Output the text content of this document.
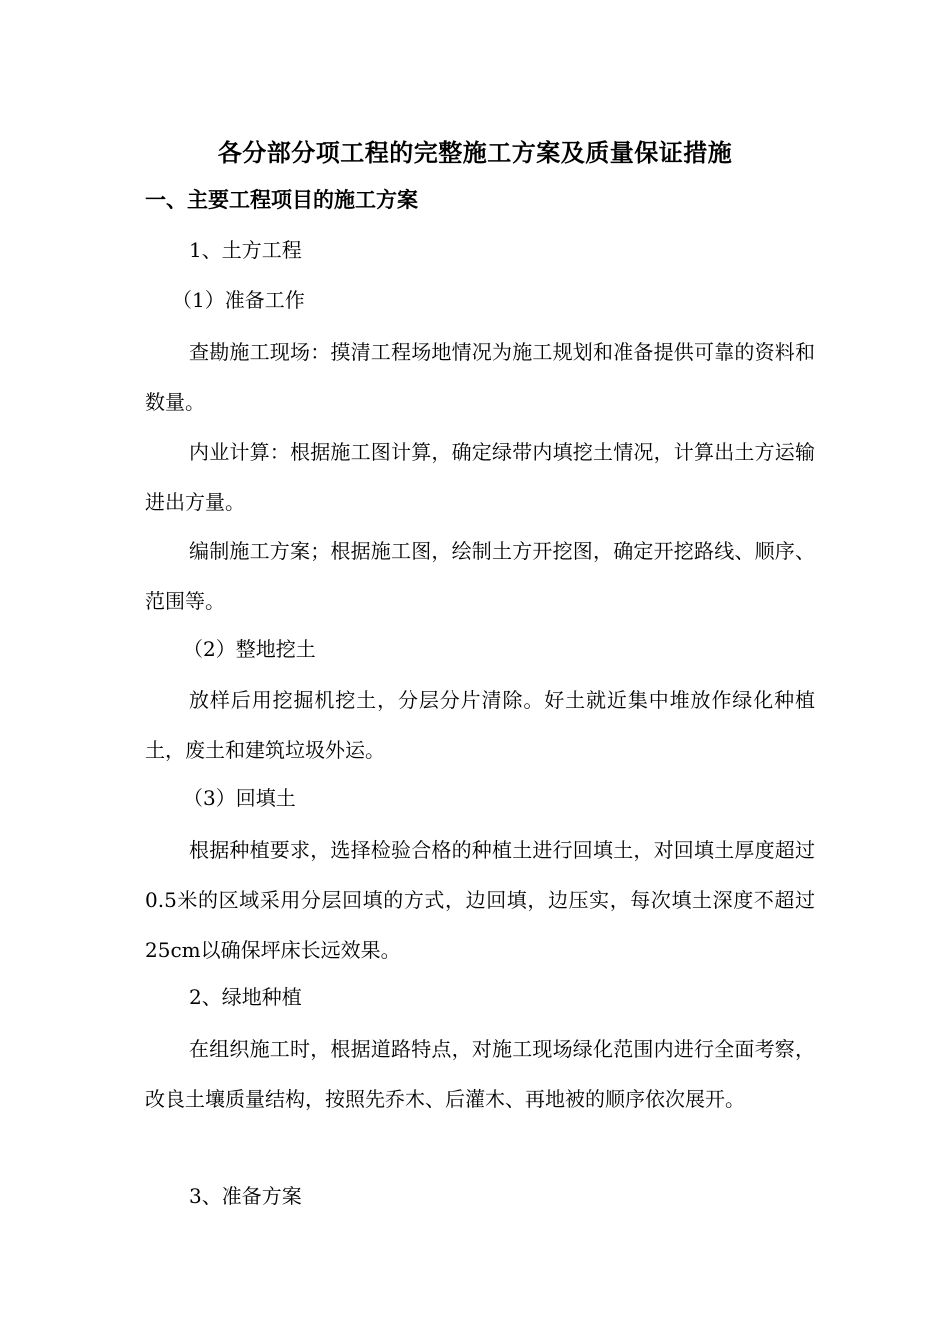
各分部分项工程的完整施工方案及质量保证措施
一、主要工程项目的施工方案
1、土方工程
（1）准备工作
查勘施工现场：摸清工程场地情况为施工规划和准备提供可靠的资料和数量。
内业计算：根据施工图计算，确定绿带内填挖土情况，计算出土方运输进出方量。
编制施工方案；根据施工图，绘制土方开挖图，确定开挖路线、顺序、范围等。
（2）整地挖土
放样后用挖掘机挖土，分层分片清除。好土就近集中堆放作绿化种植土，废土和建筑垃圾外运。
（3）回填土
根据种植要求，选择检验合格的种植土进行回填土，对回填土厚度超过0.5米的区域采用分层回填的方式，边回填，边压实，每次填土深度不超过25cm以确保坪床长远效果。
2、绿地种植
在组织施工时，根据道路特点，对施工现场绿化范围内进行全面考察，改良土壤质量结构，按照先乔木、后灌木、再地被的顺序依次展开。
3、准备方案
